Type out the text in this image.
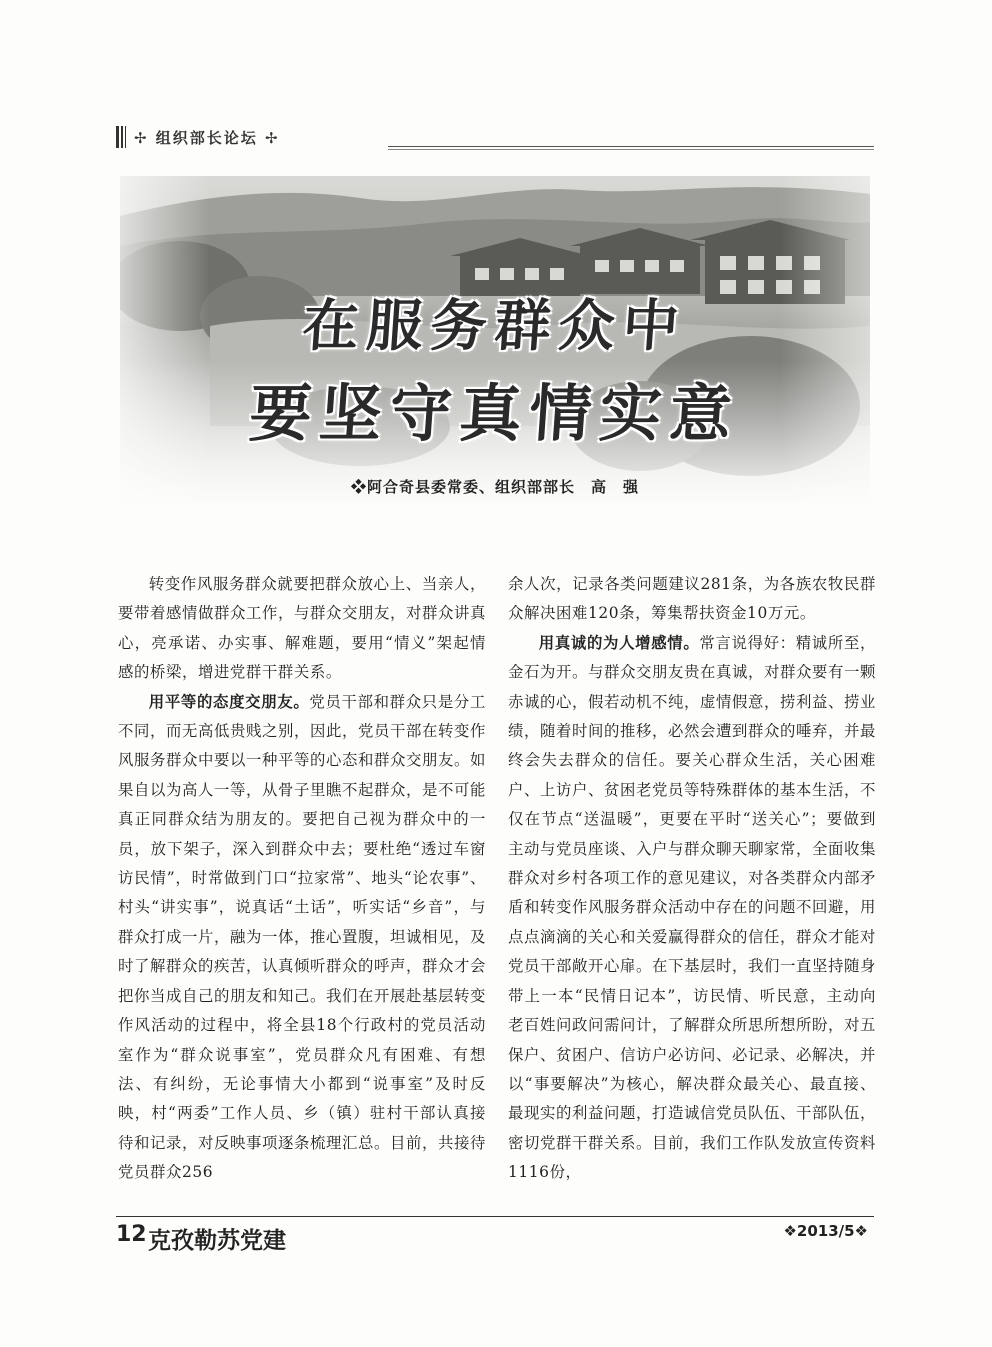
✢ 组织部长论坛 ✢
在服务群众中
要坚守真情实意
❖阿合奇县委常委、组织部部长　高　强

转变作风服务群众就要把群众放心上、当亲人，要带着感情做群众工作，与群众交朋友，对群众讲真心，亮承诺、办实事、解难题，要用“情义”架起情感的桥梁，增进党群干群关系。

用平等的态度交朋友。党员干部和群众只是分工不同，而无高低贵贱之别，因此，党员干部在转变作风服务群众中要以一种平等的心态和群众交朋友。如果自以为高人一等，从骨子里瞧不起群众，是不可能真正同群众结为朋友的。要把自己视为群众中的一员，放下架子，深入到群众中去；要杜绝“透过车窗访民情”，时常做到门口“拉家常”、地头“论农事”、村头“讲实事”，说真话“土话”，听实话“乡音”，与群众打成一片，融为一体，推心置腹，坦诚相见，及时了解群众的疾苦，认真倾听群众的呼声，群众才会把你当成自己的朋友和知己。我们在开展赴基层转变作风活动的过程中，将全县18个行政村的党员活动室作为“群众说事室”，党员群众凡有困难、有想法、有纠纷，无论事情大小都到“说事室”及时反映，村“两委”工作人员、乡（镇）驻村干部认真接待和记录，对反映事项逐条梳理汇总。目前，共接待党员群众256

余人次，记录各类问题建议281条，为各族农牧民群众解决困难120条，筹集帮扶资金10万元。

用真诚的为人增感情。常言说得好：精诚所至，金石为开。与群众交朋友贵在真诚，对群众要有一颗赤诚的心，假若动机不纯，虚情假意，捞利益、捞业绩，随着时间的推移，必然会遭到群众的唾弃，并最终会失去群众的信任。要关心群众生活，关心困难户、上访户、贫困老党员等特殊群体的基本生活，不仅在节点“送温暖”，更要在平时“送关心”；要做到主动与党员座谈、入户与群众聊天聊家常，全面收集群众对乡村各项工作的意见建议，对各类群众内部矛盾和转变作风服务群众活动中存在的问题不回避，用点点滴滴的关心和关爱赢得群众的信任，群众才能对党员干部敞开心扉。在下基层时，我们一直坚持随身带上一本“民情日记本”，访民情、听民意，主动向老百姓问政问需问计，了解群众所思所想所盼，对五保户、贫困户、信访户必访问、必记录、必解决，并以“事要解决”为核心，解决群众最关心、最直接、最现实的利益问题，打造诚信党员队伍、干部队伍，密切党群干群关系。目前，我们工作队发放宣传资料1116份，

12 克孜勒苏党建	❖2013/5❖
